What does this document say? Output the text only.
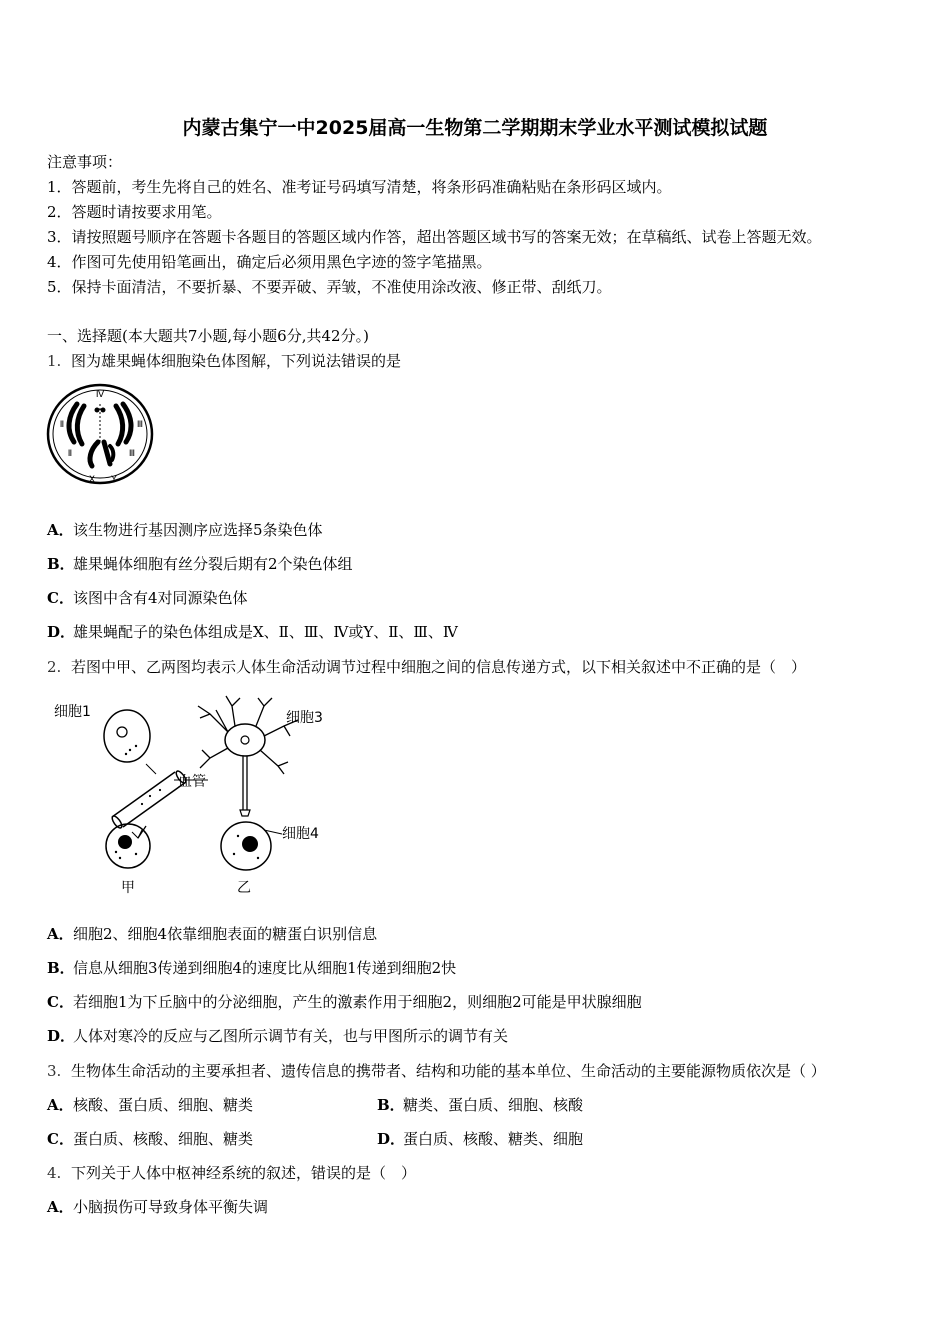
内蒙古集宁一中2025届高一生物第二学期期末学业水平测试模拟试题
注意事项：
1．答题前，考生先将自己的姓名、准考证号码填写清楚，将条形码准确粘贴在条形码区域内。
2．答题时请按要求用笔。
3．请按照题号顺序在答题卡各题目的答题区域内作答，超出答题区域书写的答案无效；在草稿纸、试卷上答题无效。
4．作图可先使用铅笔画出，确定后必须用黑色字迹的签字笔描黑。
5．保持卡面清洁，不要折暴、不要弄破、弄皱，不准使用涂改液、修正带、刮纸刀。
一、选择题(本大题共7小题,每小题6分,共42分。)
1. 图为雄果蝇体细胞染色体图解，下列说法错误的是
Ⅳ
Ⅱ	Ⅲ
Ⅱ	Ⅲ
X Y
A．该生物进行基因测序应选择5条染色体
B．雄果蝇体细胞有丝分裂后期有2个染色体组
C．该图中含有4对同源染色体
D．雄果蝇配子的染色体组成是X、Ⅱ、Ⅲ、Ⅳ或Y、Ⅱ、Ⅲ、Ⅳ
2. 若图中甲、乙两图均表示人体生命活动调节过程中细胞之间的信息传递方式，以下相关叙述中不正确的是（　）
细胞1
血管
甲
细胞3
细胞4
乙
A．细胞2、细胞4依靠细胞表面的糖蛋白识别信息
B．信息从细胞3传递到细胞4的速度比从细胞1传递到细胞2快
C．若细胞1为下丘脑中的分泌细胞，产生的激素作用于细胞2，则细胞2可能是甲状腺细胞
D．人体对寒冷的反应与乙图所示调节有关，也与甲图所示的调节有关
3. 生物体生命活动的主要承担者、遗传信息的携带者、结构和功能的基本单位、生命活动的主要能源物质依次是（ ）
A．核酸、蛋白质、细胞、糖类	B．糖类、蛋白质、细胞、核酸
C．蛋白质、核酸、细胞、糖类	D．蛋白质、核酸、糖类、细胞
4. 下列关于人体中枢神经系统的叙述，错误的是（　）
A．小脑损伤可导致身体平衡失调
